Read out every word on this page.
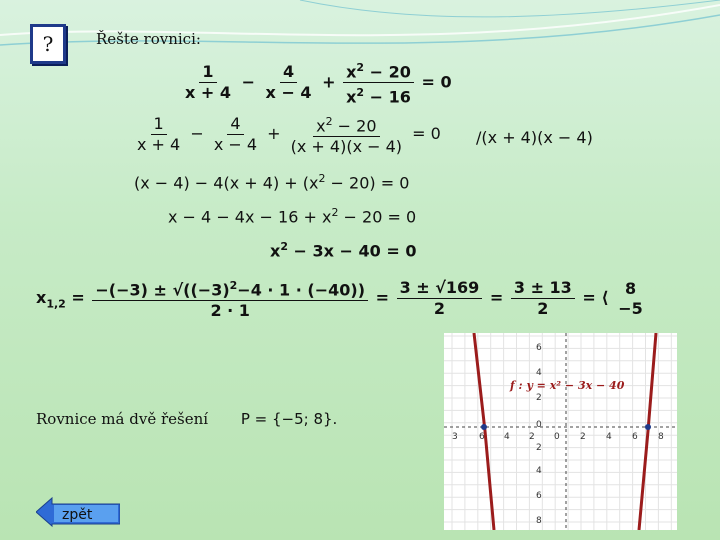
?	Řešte rovnici:
$\frac{1}{x + 4} - \frac{4}{x - 4} + \frac{x^2 - 20}{x^2 - 16} = 0$
$\frac{1}{x + 4} - \frac{4}{x - 4} + \frac{x^2 - 20}{(x + 4)(x - 4)} = 0$ /(x + 4)(x − 4)
$(x - 4) - 4(x + 4) + (x^2 - 20) = 0$
$x - 4 - 4x - 16 + x^2 - 20 = 0$
$x^2 - 3x - 40 = 0$
$x_{1,2} = \frac{-(-3) \pm √((-3)^2-4 \cdot 1 \cdot (-40))}{2 \cdot 1} = \frac{3 \pm √169}{2} = \frac{3 \pm 13}{2}$ = ⟨ 8
−5
Rovnice má dvě řešení P = {−5; 8}.
zpět
3 6 4 2 0 2 4 6 8
6
4
2
0
2
4
6
8
f : y = x² − 3x − 40
